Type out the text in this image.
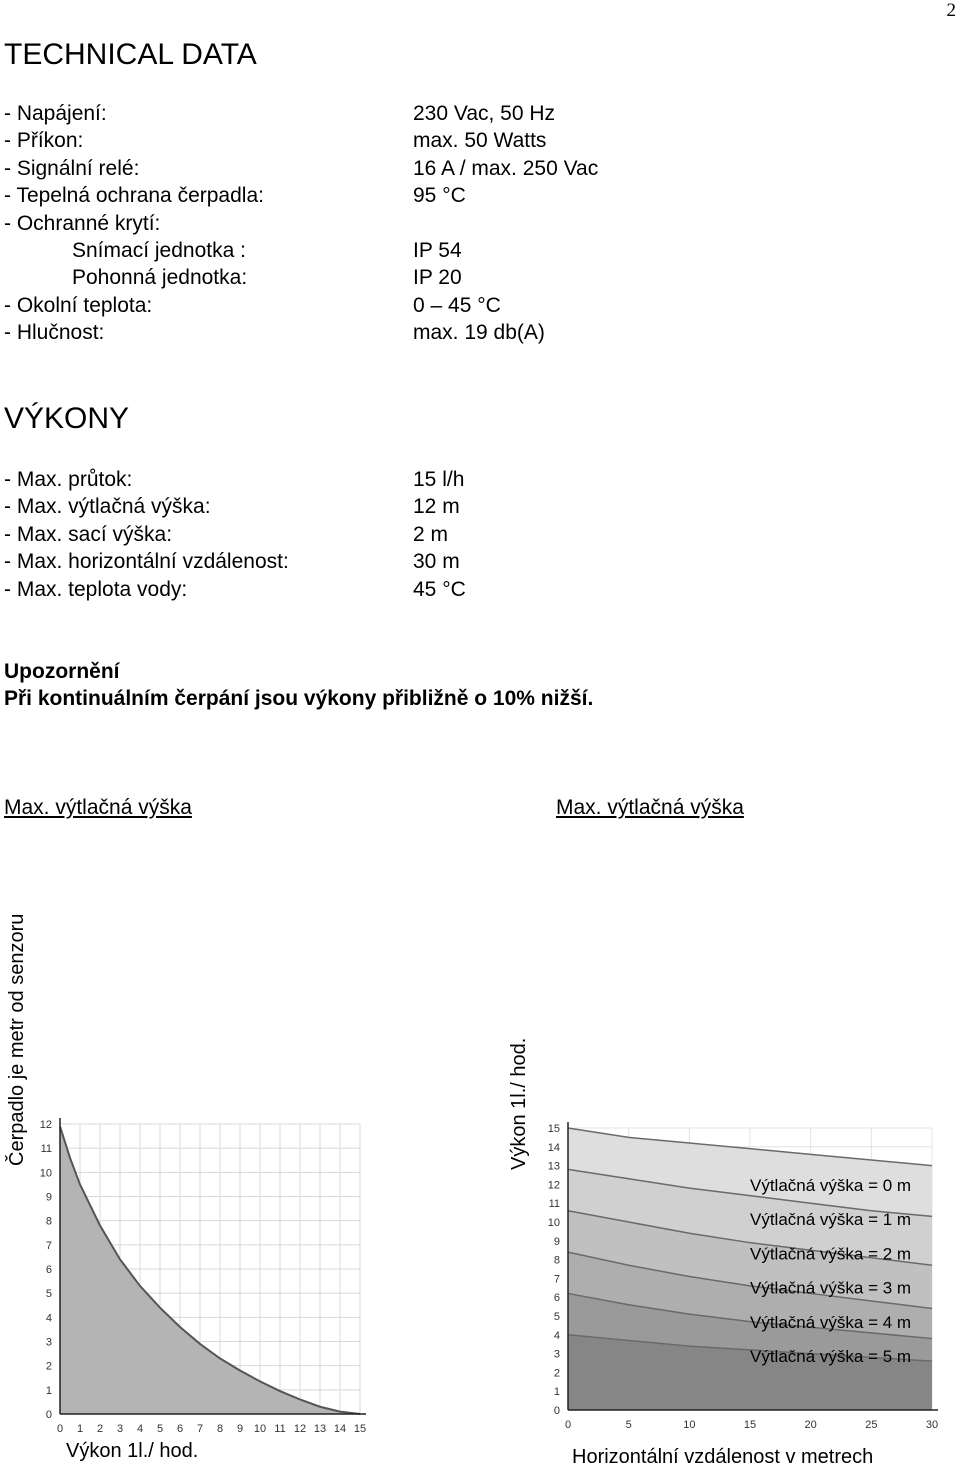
2
TECHNICAL DATA
- Napájení:	230 Vac, 50 Hz
- Příkon:	max. 50 Watts
- Signální relé:	16 A / max. 250 Vac
- Tepelná ochrana čerpadla:	95 °C
- Ochranné krytí:
Snímací jednotka :	IP 54
Pohonná jednotka:	IP 20
- Okolní teplota:	0 – 45 °C
- Hlučnost:	max. 19 db(A)
VÝKONY
- Max. průtok:	15 l/h
- Max. výtlačná výška:	12 m
- Max. sací výška:	2 m
- Max. horizontální vzdálenost:	30 m
- Max. teplota vody:	45 °C
Upozornění
Při kontinuálním čerpání jsou výkony přibližně o 10% nižší.
Max. výtlačná výška	Max. výtlačná výška
Čerpadlo je metr od senzoru	Výkon 1l./ hod.
0 1 2 3 4 5 6 7 8 9 10 11 12 13 14 15
0
1
2
3
4
5
6
7
8
9
10
11
12
0	5	10	15	20	25	30
0
1
2
3
4
5
6
7
8
9
10
11
12
13
14
15
Výtlačná výška = 0 m
Výtlačná výška = 1 m
Výtlačná výška = 2 m
Výtlačná výška = 3 m
Výtlačná výška = 4 m
Výtlačná výška = 5 m
Výkon 1l./ hod.	Horizontální vzdálenost v metrech
